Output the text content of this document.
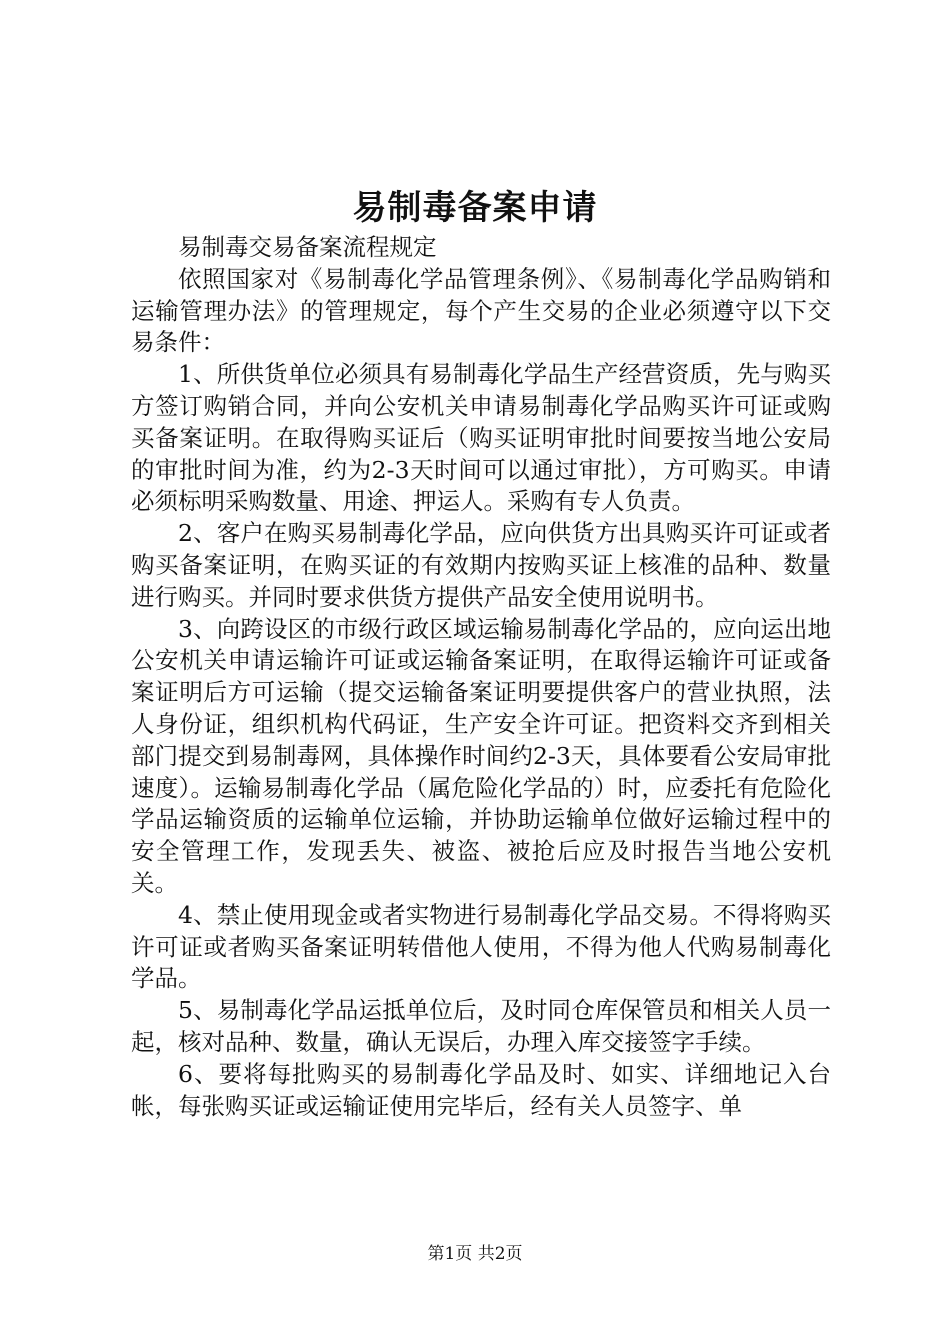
易制毒备案申请

易制毒交易备案流程规定

依照国家对《易制毒化学品管理条例》、《易制毒化学品购销和运输管理办法》的管理规定，每个产生交易的企业必须遵守以下交易条件：

1、所供货单位必须具有易制毒化学品生产经营资质，先与购买方签订购销合同，并向公安机关申请易制毒化学品购买许可证或购买备案证明。在取得购买证后（购买证明审批时间要按当地公安局的审批时间为准，约为2-3天时间可以通过审批），方可购买。申请必须标明采购数量、用途、押运人。采购有专人负责。

2、客户在购买易制毒化学品，应向供货方出具购买许可证或者购买备案证明，在购买证的有效期内按购买证上核准的品种、数量进行购买。并同时要求供货方提供产品安全使用说明书。

3、向跨设区的市级行政区域运输易制毒化学品的，应向运出地公安机关申请运输许可证或运输备案证明，在取得运输许可证或备案证明后方可运输（提交运输备案证明要提供客户的营业执照，法人身份证，组织机构代码证，生产安全许可证。把资料交齐到相关部门提交到易制毒网，具体操作时间约2-3天，具体要看公安局审批速度）。运输易制毒化学品（属危险化学品的）时，应委托有危险化学品运输资质的运输单位运输，并协助运输单位做好运输过程中的安全管理工作，发现丢失、被盗、被抢后应及时报告当地公安机关。

4、禁止使用现金或者实物进行易制毒化学品交易。不得将购买许可证或者购买备案证明转借他人使用，不得为他人代购易制毒化学品。

5、易制毒化学品运抵单位后，及时同仓库保管员和相关人员一起，核对品种、数量，确认无误后，办理入库交接签字手续。

6、要将每批购买的易制毒化学品及时、如实、详细地记入台帐，每张购买证或运输证使用完毕后，经有关人员签字、单

第1页 共2页
